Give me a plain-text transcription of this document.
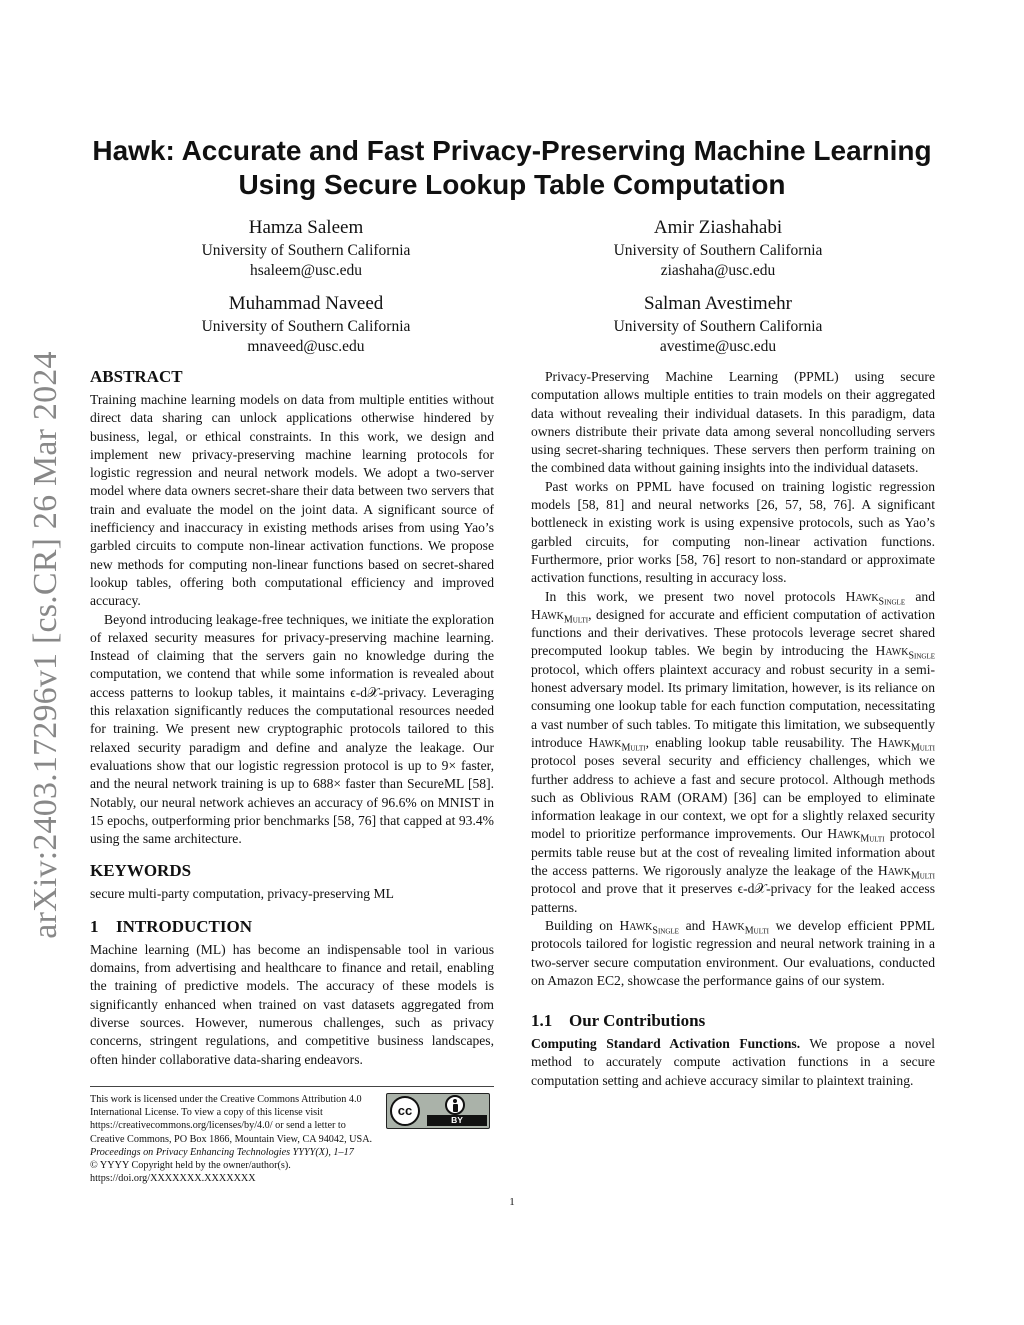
arXiv:2403.17296v1 [cs.CR] 26 Mar 2024
Hawk: Accurate and Fast Privacy-Preserving Machine Learning Using Secure Lookup Table Computation
Hamza Saleem
University of Southern California
hsaleem@usc.edu
Amir Ziashahabi
University of Southern California
ziashaha@usc.edu
Muhammad Naveed
University of Southern California
mnaveed@usc.edu
Salman Avestimehr
University of Southern California
avestime@usc.edu
ABSTRACT

Training machine learning models on data from multiple entities without direct data sharing can unlock applications otherwise hindered by business, legal, or ethical constraints. In this work, we design and implement new privacy-preserving machine learning protocols for logistic regression and neural network models. We adopt a two-server model where data owners secret-share their data between two servers that train and evaluate the model on the joint data. A significant source of inefficiency and inaccuracy in existing methods arises from using Yao’s garbled circuits to compute non-linear activation functions. We propose new methods for computing non-linear functions based on secret-shared lookup tables, offering both computational efficiency and improved accuracy.

Beyond introducing leakage-free techniques, we initiate the exploration of relaxed security measures for privacy-preserving machine learning. Instead of claiming that the servers gain no knowledge during the computation, we contend that while some information is revealed about access patterns to lookup tables, it maintains ϵ-d𝒳-privacy. Leveraging this relaxation significantly reduces the computational resources needed for training. We present new cryptographic protocols tailored to this relaxed security paradigm and define and analyze the leakage. Our evaluations show that our logistic regression protocol is up to 9× faster, and the neural network training is up to 688× faster than SecureML [58]. Notably, our neural network achieves an accuracy of 96.6% on MNIST in 15 epochs, outperforming prior benchmarks [58, 76] that capped at 93.4% using the same architecture.

KEYWORDS

secure multi-party computation, privacy-preserving ML

1 INTRODUCTION

Machine learning (ML) has become an indispensable tool in various domains, from advertising and healthcare to finance and retail, enabling the training of predictive models. The accuracy of these models is significantly enhanced when trained on vast datasets aggregated from diverse sources. However, numerous challenges, such as privacy concerns, stringent regulations, and competitive business landscapes, often hinder collaborative data-sharing endeavors.

This work is licensed under the Creative Commons Attribution 4.0 International License. To view a copy of this license visit https://creativecommons.org/licenses/by/4.0/ or send a letter to Creative Commons, PO Box 1866, Mountain View, CA 94042, USA.
Proceedings on Privacy Enhancing Technologies YYYY(X), 1–17
© YYYY Copyright held by the owner/author(s).
https://doi.org/XXXXXXX.XXXXXXX
cc
BY

Privacy-Preserving Machine Learning (PPML) using secure computation allows multiple entities to train models on their aggregated data without revealing their individual datasets. In this paradigm, data owners distribute their private data among several noncolluding servers using secret-sharing techniques. These servers then perform training on the combined data without gaining insights into the individual datasets.

Past works on PPML have focused on training logistic regression models [58, 81] and neural networks [26, 57, 58, 76]. A significant bottleneck in existing work is using expensive protocols, such as Yao’s garbled circuits, for computing non-linear activation functions. Furthermore, prior works [58, 76] resort to non-standard or approximate activation functions, resulting in accuracy loss.

In this work, we present two novel protocols Hawk$_{Single}$ and Hawk$_{Multi}$, designed for accurate and efficient computation of activation functions and their derivatives. These protocols leverage secret shared precomputed lookup tables. We begin by introducing the Hawk$_{Single}$ protocol, which offers plaintext accuracy and robust security in a semi-honest adversary model. Its primary limitation, however, is its reliance on consuming one lookup table for each function computation, necessitating a vast number of such tables. To mitigate this limitation, we subsequently introduce Hawk$_{Multi}$, enabling lookup table reusability. The Hawk$_{Multi}$ protocol poses several security and efficiency challenges, which we further address to achieve a fast and secure protocol. Although methods such as Oblivious RAM (ORAM) [36] can be employed to eliminate information leakage in our context, we opt for a slightly relaxed security model to prioritize performance improvements. Our Hawk$_{Multi}$ protocol permits table reuse but at the cost of revealing limited information about the access patterns. We rigorously analyze the leakage of the Hawk$_{Multi}$ protocol and prove that it preserves ϵ-d𝒳-privacy for the leaked access patterns.

Building on Hawk$_{Single}$ and Hawk$_{Multi}$ we develop efficient PPML protocols tailored for logistic regression and neural network training in a two-server secure computation environment. Our evaluations, conducted on Amazon EC2, showcase the performance gains of our system.

1.1 Our Contributions

Computing Standard Activation Functions. We propose a novel method to accurately compute activation functions in a secure computation setting and achieve accuracy similar to plaintext training.

1
